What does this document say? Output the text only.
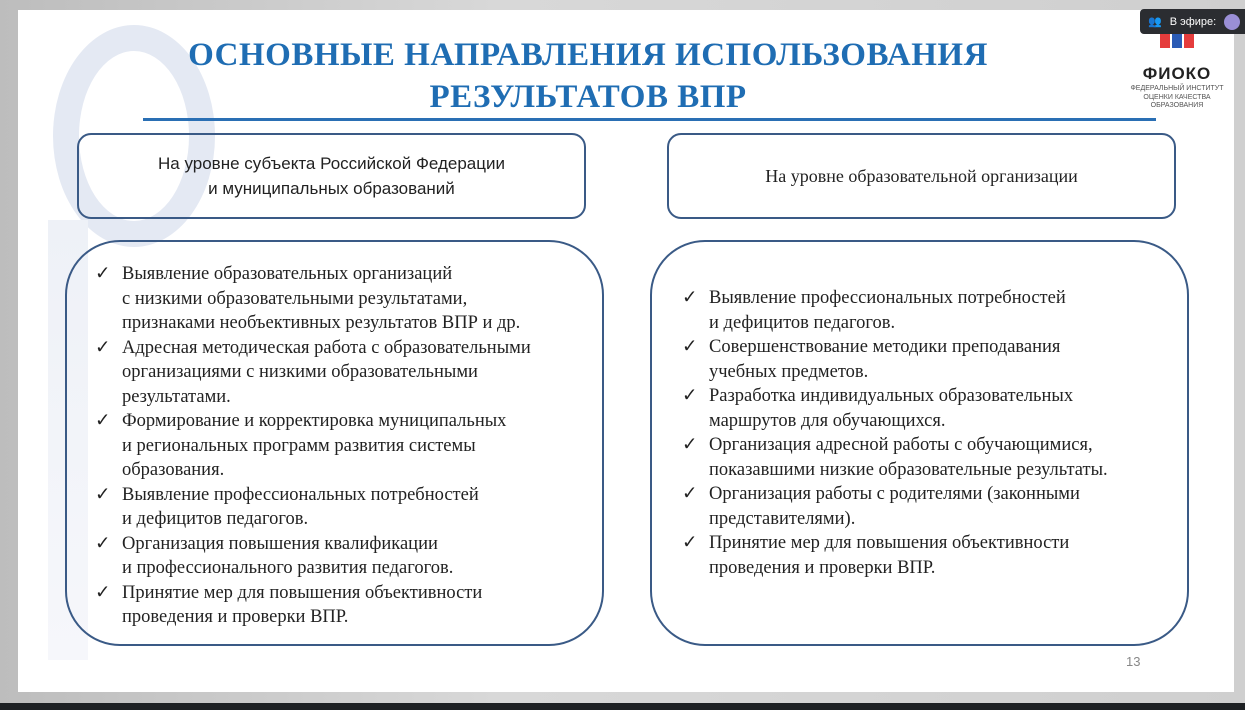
ОСНОВНЫЕ НАПРАВЛЕНИЯ ИСПОЛЬЗОВАНИЯ
РЕЗУЛЬТАТОВ ВПР
ФИОКО
ФЕДЕРАЛЬНЫЙ ИНСТИТУТ
ОЦЕНКИ КАЧЕСТВА ОБРАЗОВАНИЯ
На уровне субъекта Российской Федерации
и муниципальных образований
На уровне образовательной организации
✓ Выявление образовательных организаций
с низкими образовательными результатами,
признаками необъективных результатов ВПР и др.
✓ Адресная методическая работа с образовательными
организациями с низкими образовательными
результатами.
✓ Формирование и корректировка муниципальных
и региональных программ развития системы
образования.
✓ Выявление профессиональных потребностей
и дефицитов педагогов.
✓ Организация повышения квалификации
и профессионального развития педагогов.
✓ Принятие мер для повышения объективности
проведения и проверки ВПР.
✓ Выявление профессиональных потребностей
и дефицитов педагогов.
✓ Совершенствование методики преподавания
учебных предметов.
✓ Разработка индивидуальных образовательных
маршрутов для обучающихся.
✓ Организация адресной работы с обучающимися,
показавшими низкие образовательные результаты.
✓ Организация работы с родителями (законными
представителями).
✓ Принятие мер для повышения объективности
проведения и проверки ВПР.
13
👥 В эфире:
